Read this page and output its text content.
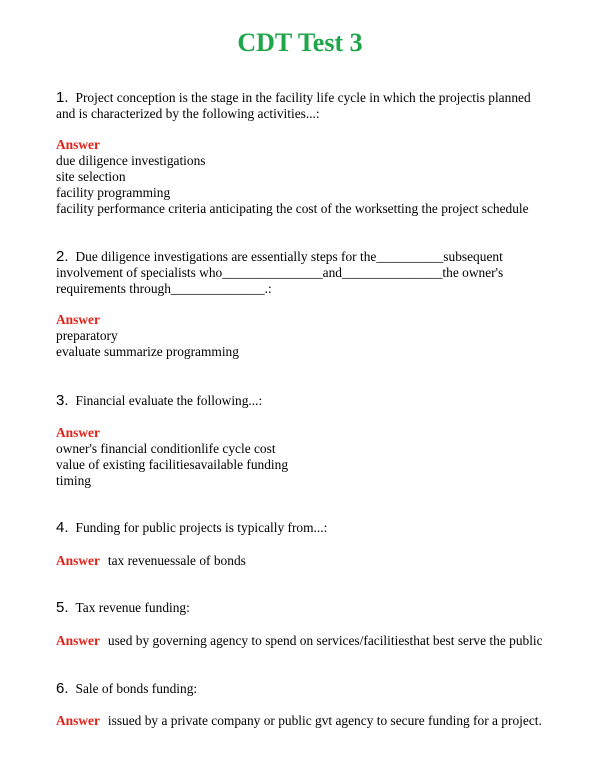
CDT Test 3
1. Project conception is the stage in the facility life cycle in which the projectis planned
and is characterized by the following activities...:
Answer
due diligence investigations
site selection
facility programming
facility performance criteria anticipating the cost of the worksetting the project schedule
2. Due diligence investigations are essentially steps for the__________subsequent
involvement of specialists who_______________and_______________the owner's
requirements through______________.:
Answer
preparatory
evaluate summarize programming
3. Financial evaluate the following...:
Answer
owner's financial conditionlife cycle cost
value of existing facilitiesavailable funding
timing
4. Funding for public projects is typically from...:
Answer tax revenuessale of bonds
5. Tax revenue funding:
Answer used by governing agency to spend on services/facilitiesthat best serve the public
6. Sale of bonds funding:
Answer issued by a private company or public gvt agency to secure funding for a project.
